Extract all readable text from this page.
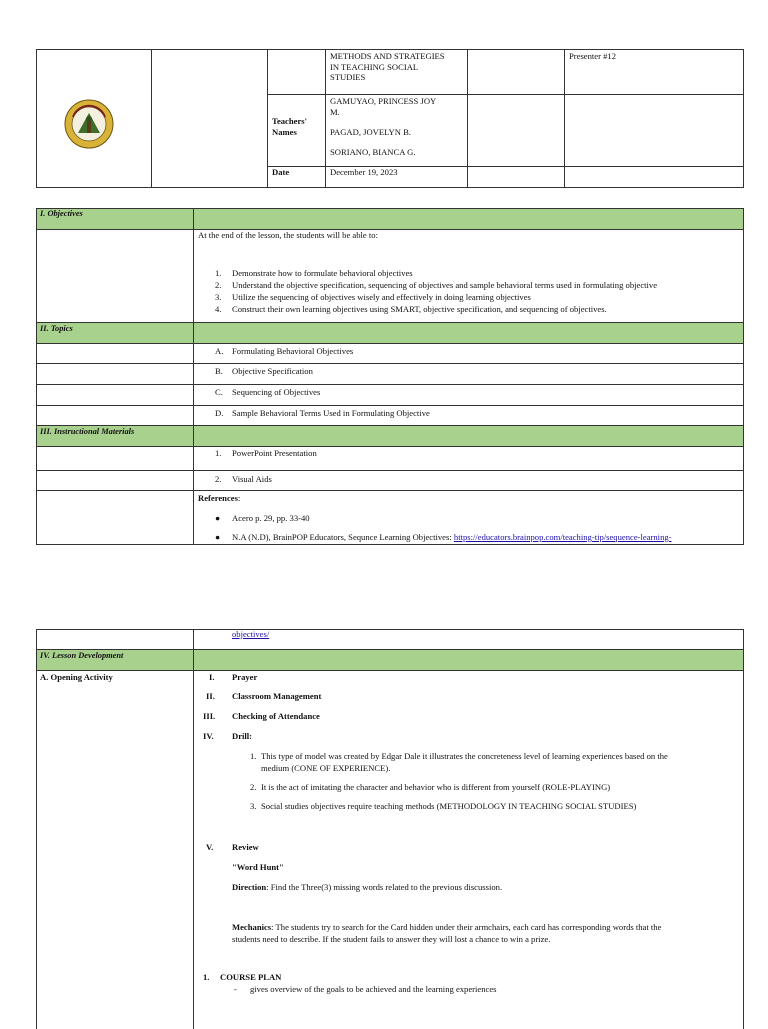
METHODS AND STRATEGIES
IN TEACHING SOCIAL
STUDIES
Presenter #12
Teachers'
Names
GAMUYAO, PRINCESS JOY
M.
PAGAD, JOVELYN B.
SORIANO, BIANCA G.
Date	December 19, 2023
I. Objectives
At the end of the lesson, the students will be able to:
1. Demonstrate how to formulate behavioral objectives
2. Understand the objective specification, sequencing of objectives and sample behavioral terms used in formulating objective
3. Utilize the sequencing of objectives wisely and effectively in doing learning objectives
4. Construct their own learning objectives using SMART, objective specification, and sequencing of objectives.
II. Topics
A. Formulating Behavioral Objectives
B. Objective Specification
C. Sequencing of Objectives
D. Sample Behavioral Terms Used in Formulating Objective
III. Instructional Materials
1. PowerPoint Presentation
2. Visual Aids
References:
● Acero p. 29, pp. 33-40
● N.A (N.D), BrainPOP Educators, Sequnce Learning Objectives: https://educators.brainpop.com/teaching-tip/sequence-learning-
objectives/
IV. Lesson Development
A. Opening Activity	I. Prayer
II. Classroom Management
III. Checking of Attendance
IV. Drill:
1. This type of model was created by Edgar Dale it illustrates the concreteness level of learning experiences based on the
medium (CONE OF EXPERIENCE).
2. It is the act of imitating the character and behavior who is different from yourself (ROLE-PLAYING)
3. Social studies objectives require teaching methods (METHODOLOGY IN TEACHING SOCIAL STUDIES)
V. Review
"Word Hunt"
Direction: Find the Three(3) missing words related to the previous discussion.
Mechanics: The students try to search for the Card hidden under their armchairs, each card has corresponding words that the
students need to describe. If the student fails to answer they will lost a chance to win a prize.
1. COURSE PLAN
- gives overview of the goals to be achieved and the learning experiences
